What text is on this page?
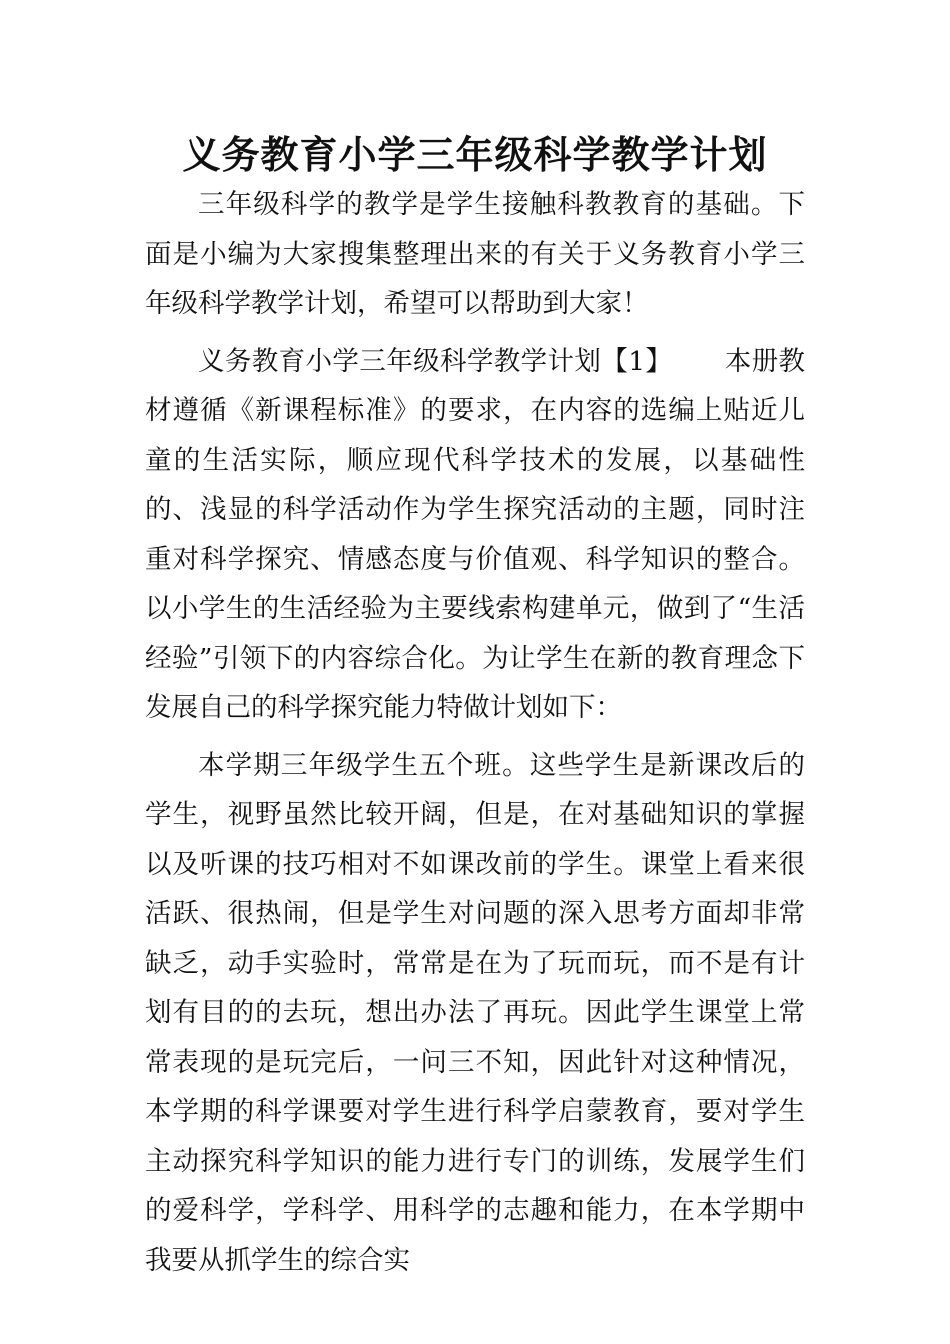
义务教育小学三年级科学教学计划

三年级科学的教学是学生接触科教教育的基础。下面是小编为大家搜集整理出来的有关于义务教育小学三年级科学教学计划，希望可以帮助到大家！

义务教育小学三年级科学教学计划【1】 本册教材遵循《新课程标准》的要求，在内容的选编上贴近儿童的生活实际，顺应现代科学技术的发展，以基础性的、浅显的科学活动作为学生探究活动的主题，同时注重对科学探究、情感态度与价值观、科学知识的整合。以小学生的生活经验为主要线索构建单元，做到了“生活经验”引领下的内容综合化。为让学生在新的教育理念下发展自己的科学探究能力特做计划如下：

本学期三年级学生五个班。这些学生是新课改后的学生，视野虽然比较开阔，但是，在对基础知识的掌握以及听课的技巧相对不如课改前的学生。课堂上看来很活跃、很热闹，但是学生对问题的深入思考方面却非常缺乏，动手实验时，常常是在为了玩而玩，而不是有计划有目的的去玩，想出办法了再玩。因此学生课堂上常常表现的是玩完后，一问三不知，因此针对这种情况，本学期的科学课要对学生进行科学启蒙教育，要对学生主动探究科学知识的能力进行专门的训练，发展学生们的爱科学，学科学、用科学的志趣和能力，在本学期中我要从抓学生的综合实
